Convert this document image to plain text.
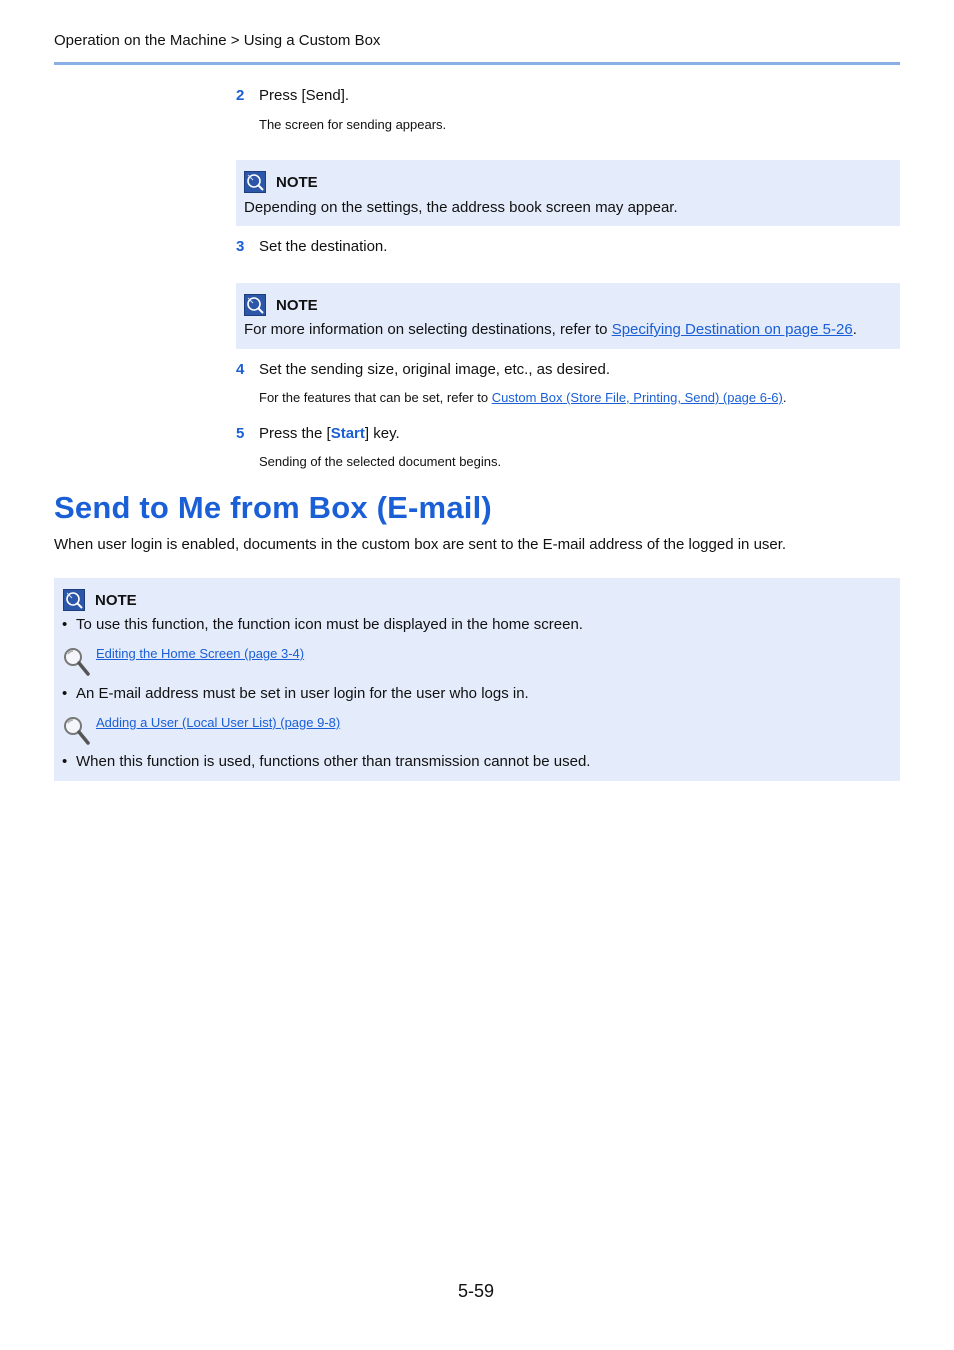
Operation on the Machine > Using a Custom Box
2 Press [Send].
The screen for sending appears.
NOTE
Depending on the settings, the address book screen may appear.
3 Set the destination.
NOTE
For more information on selecting destinations, refer to Specifying Destination on page 5-26.
4 Set the sending size, original image, etc., as desired.
For the features that can be set, refer to Custom Box (Store File, Printing, Send) (page 6-6).
5 Press the [Start] key.
Sending of the selected document begins.
Send to Me from Box (E-mail)
When user login is enabled, documents in the custom box are sent to the E-mail address of the logged in user.
NOTE
• To use this function, the function icon must be displayed in the home screen.
Editing the Home Screen (page 3-4)
• An E-mail address must be set in user login for the user who logs in.
Adding a User (Local User List) (page 9-8)
• When this function is used, functions other than transmission cannot be used.
5-59
